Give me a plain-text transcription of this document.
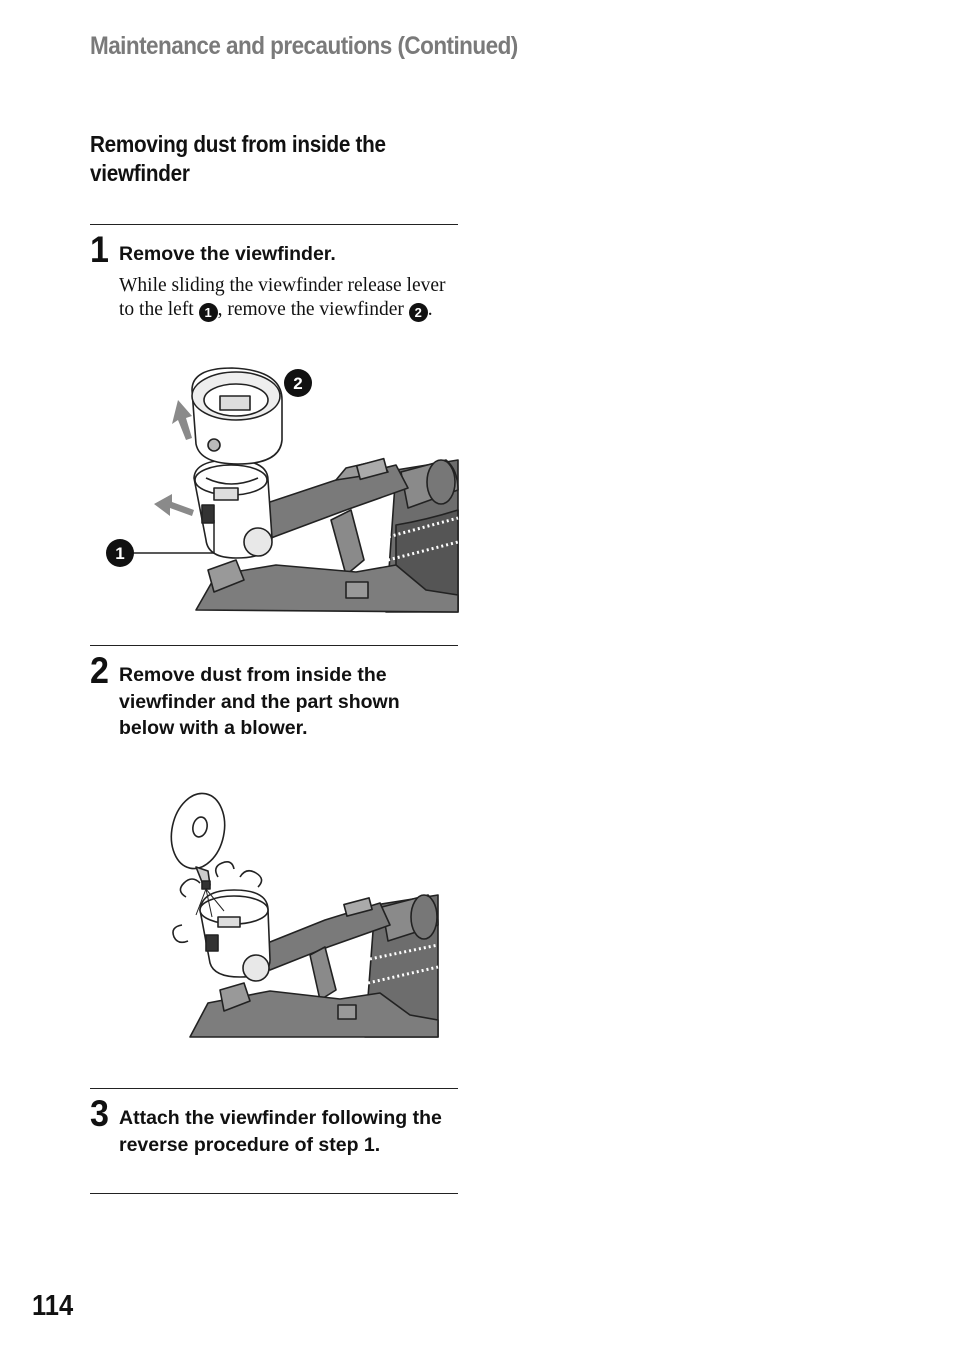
Maintenance and precautions (Continued)
Removing dust from inside the viewfinder
1 Remove the viewfinder.
While sliding the viewfinder release lever to the left 1 , remove the viewfinder 2 .
1
2
2 Remove dust from inside the viewfinder and the part shown below with a blower.
3 Attach the viewfinder following the reverse procedure of step 1.
114
